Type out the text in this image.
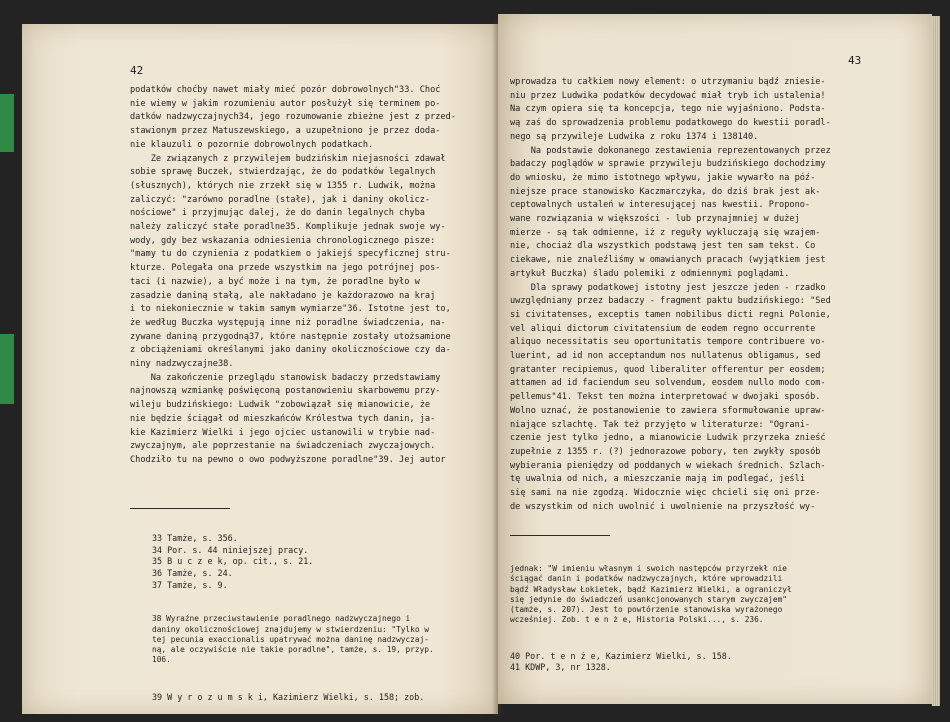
42
podatków choćby nawet miały mieć pozór dobrowolnych"33. Choć
nie wiemy w jakim rozumieniu autor posłużył się terminem po-
datków nadzwyczajnych34, jego rozumowanie zbieżne jest z przed-
stawionym przez Matuszewskiego, a uzupełniono je przez doda-
nie klauzuli o pozornie dobrowolnych podatkach.
Ze związanych z przywilejem budzińskim niejasności zdawał
sobie sprawę Buczek, stwierdzając, że do podatków legalnych
(słusznych), których nie zrzekł się w 1355 r. Ludwik, można
zaliczyć: "zarówno poradlne (stałe), jak i daniny okolicz-
nościowe" i przyjmując dalej, że do danin legalnych chyba
należy zaliczyć stałe poradlne35. Komplikuje jednak swoje wy-
wody, gdy bez wskazania odniesienia chronologicznego pisze:
"mamy tu do czynienia z podatkiem o jakiejś specyficznej stru-
kturze. Polegała ona przede wszystkim na jego potrójnej pos-
taci (i nazwie), a być może i na tym, że poradlne było w
zasadzie daniną stałą, ale nakładano je każdorazowo na kraj
i to niekoniecznie w takim samym wymiarze"36. Istotne jest to,
że według Buczka występują inne niż poradlne świadczenia, na-
zywane daniną przygodną37, które następnie zostały utożsamione
z obciążeniami określanymi jako daniny okolicznościowe czy da-
niny nadzwyczajne38.
Na zakończenie przeglądu stanowisk badaczy przedstawiamy
najnowszą wzmiankę poświęconą postanowieniu skarbowemu przy-
wileju budzińskiego: Ludwik "zobowiązał się mianowicie, że
nie będzie ściągał od mieszkańców Królestwa tych danin, ja-
kie Kazimierz Wielki i jego ojciec ustanowili w trybie nad-
zwyczajnym, ale poprzestanie na świadczeniach zwyczajowych.
Chodziło tu na pewno o owo podwyższone poradlne"39. Jej autor

33 Tamże, s. 356.
34 Por. s. 44 niniejszej pracy.
35 B u c z e k, op. cit., s. 21.
36 Tamże, s. 24.
37 Tamże, s. 9.

38 Wyraźne przeciwstawienie poradlnego nadzwyczajnego i
daniny okolicznościowej znajdujemy w stwierdzeniu: "Tylko w
tej pecunia exaccionalis upatrywać można daninę nadzwyczaj-
ną, ale oczywiście nie takie poradlne", tamże, s. 19, przyp.
106.

39 W y r o z u m s k i, Kazimierz Wielki, s. 158; zob.

43
wprowadza tu całkiem nowy element: o utrzymaniu bądź zniesie-
niu przez Ludwika podatków decydować miał tryb ich ustalenia!
Na czym opiera się ta koncepcja, tego nie wyjaśniono. Podsta-
wą zaś do sprowadzenia problemu podatkowego do kwestii poradl-
nego są przywileje Ludwika z roku 1374 i 138140.
Na podstawie dokonanego zestawienia reprezentowanych przez
badaczy poglądów w sprawie przywileju budzińskiego dochodzimy
do wniosku, że mimo istotnego wpływu, jakie wywarło na póź-
niejsze prace stanowisko Kaczmarczyka, do dziś brak jest ak-
ceptowalnych ustaleń w interesującej nas kwestii. Propono-
wane rozwiązania w większości - lub przynajmniej w dużej
mierze - są tak odmienne, iż z reguły wykluczają się wzajem-
nie, chociaż dla wszystkich podstawą jest ten sam tekst. Co
ciekawe, nie znaleźliśmy w omawianych pracach (wyjątkiem jest
artykuł Buczka) śladu polemiki z odmiennymi poglądami.
Dla sprawy podatkowej istotny jest jeszcze jeden - rzadko
uwzględniany przez badaczy - fragment paktu budzińskiego: "Sed
si civitatenses, exceptis tamen nobilibus dicti regni Polonie,
vel aliqui dictorum civitatensium de eodem regno occurrente
aliquo necessitatis seu oportunitatis tempore contribuere vo-
luerint, ad id non acceptandum nos nullatenus obligamus, sed
gratanter recipiemus, quod liberaliter offerentur per eosdem;
attamen ad id faciendum seu solvendum, eosdem nullo modo com-
pellemus"41. Tekst ten można interpretować w dwojaki sposób.
Wolno uznać, że postanowienie to zawiera sformułowanie upraw-
niające szlachtę. Tak też przyjęto w literaturze: "Ograni-
czenie jest tylko jedno, a mianowicie Ludwik przyrzeka znieść
zupełnie z 1355 r. (?) jednorazowe pobory, ten zwykły sposób
wybierania pieniędzy od poddanych w wiekach średnich. Szlach-
tę uwalnia od nich, a mieszczanie mają im podlegać, jeśli
się sami na nie zgodzą. Widocznie więc chcieli się oni prze-
de wszystkim od nich uwolnić i uwolnienie na przyszłość wy-

jednak: "W imieniu własnym i swoich następców przyrzekł nie
ściągać danin i podatków nadzwyczajnych, które wprowadzili
bądź Władysław Łokietek, bądź Kazimierz Wielki, a ograniczył
się jedynie do świadczeń usankcjonowanych starym zwyczajem"
(tamże, s. 207). Jest to powtórzenie stanowiska wyrażonego
wcześniej. Zob. t e n ż e, Historia Polski..., s. 236.

40 Por. t e n ż e, Kazimierz Wielki, s. 158.
41 KDWP, 3, nr 1328.
